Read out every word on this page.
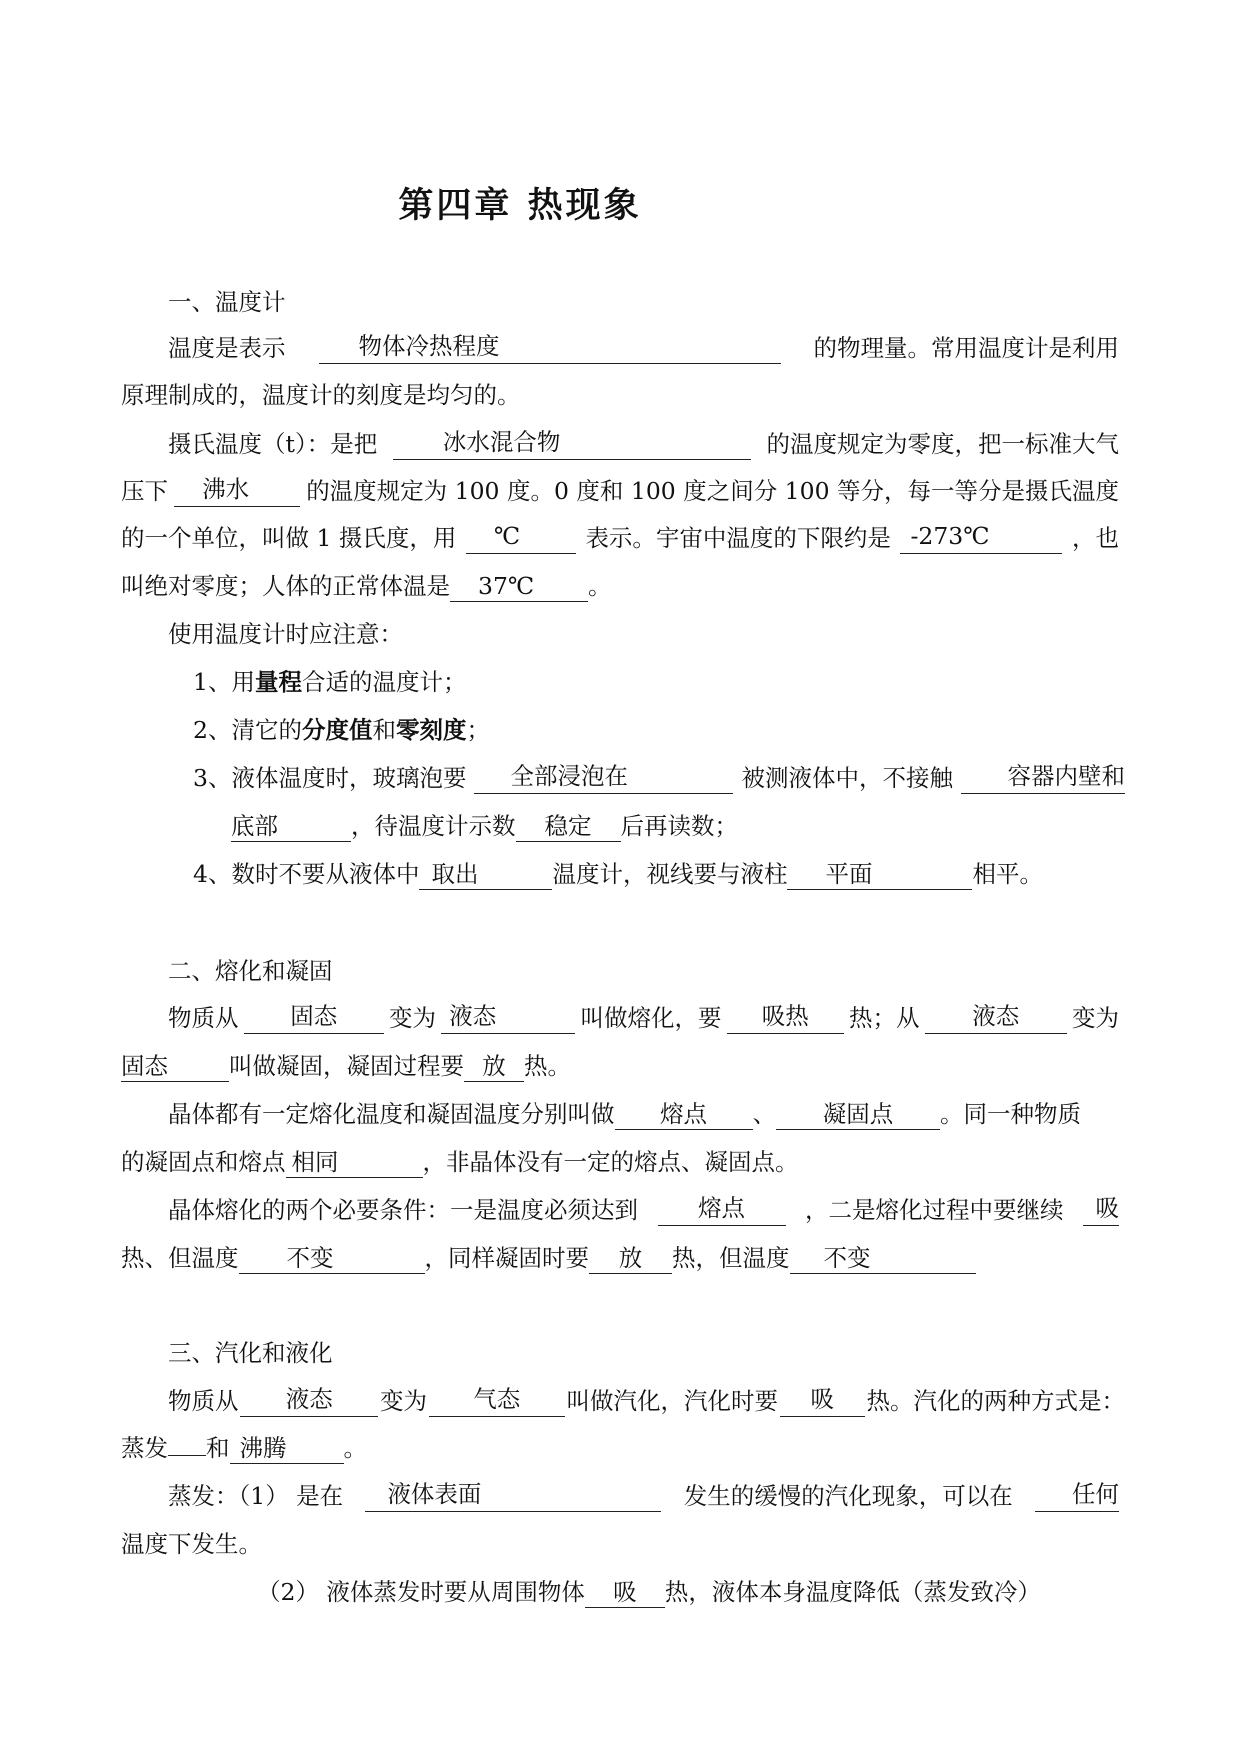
第四章 热现象
一、温度计
温度是表示	物体冷热程度	的物理量。常用温度计是利用
原理制成的，温度计的刻度是均匀的。
摄氏温度（t）：是把	冰水混合物	的温度规定为零度，把一标准大气
压下	沸水	的温度规定为 100 度。0 度和 100 度之间分 100 等分，每一等分是摄氏温度
的一个单位，叫做 1 摄氏度，用	℃	表示。宇宙中温度的下限约是 -273℃	，也
叫绝对零度；人体的正常体温是 37℃ 。
使用温度计时应注意：
1、用量程合适的温度计；
2、清它的分度值和零刻度；
3、液体温度时，玻璃泡要	全部浸泡在	被测液体中，不接触	容器内壁和
底部	，待温度计示数 稳定 后再读数；
4、数时不要从液体中 取出	温度计，视线要与液柱 平面	相平。
二、熔化和凝固
物质从	固态	变为 液态	叫做熔化，要	吸热	热；从	液态	变为
固态	叫做凝固，凝固过程要 放 热。
晶体都有一定熔化温度和凝固温度分别叫做 熔点 、 凝固点 。同一种物质
的凝固点和熔点 相同	，非晶体没有一定的熔点、凝固点。
晶体熔化的两个必要条件：一是温度必须达到	熔点	，二是熔化过程中要继续	吸
热、但温度 不变	，同样凝固时要 放 热，但温度 不变
三、汽化和液化
物质从	液态	变为	气态	叫做汽化，汽化时要	吸	热。汽化的两种方式是：
蒸发 和 沸腾 。
蒸发：（1） 是在	液体表面	发生的缓慢的汽化现象，可以在	任何
温度下发生。
（2） 液体蒸发时要从周围物体 吸 热，液体本身温度降低（蒸发致冷）
